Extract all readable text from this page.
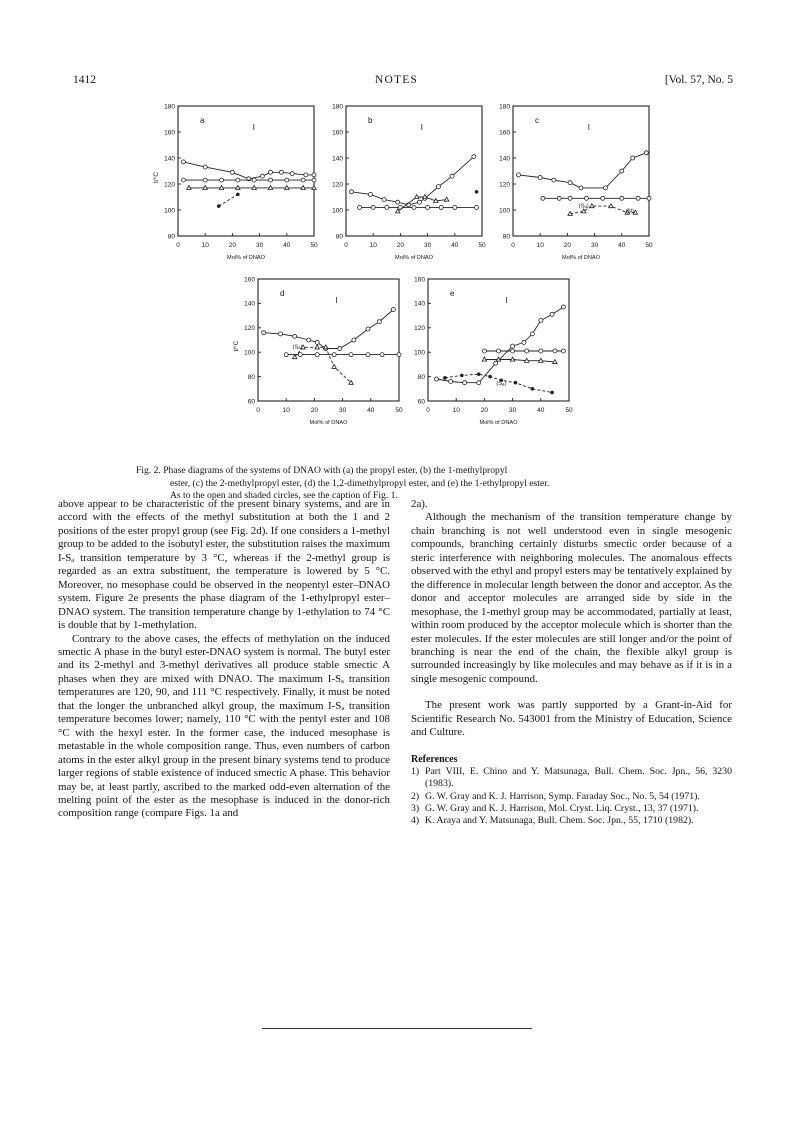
1412	NOTES	[Vol. 57, No. 5
0	10	20	30	40	50
80
100
120
140
160
180
Mol% of DNAO
t/°C
a
I
0	10	20	30	40	50
80
100
120
140
160
180
Mol% of DNAO
b
I
0	10	20	30	40	50
80
100
120
140
160
180
Mol% of DNAO
c
I
(Sₐ)
(N)
0	10	20	30	40	50
60
80
100
120
140
160
Mol% of DNAO
t/°C
d
I
(Sₐ)
0	10	20	30	40	50
60
80
100
120
140
160
Mol% of DNAO
e
I
(Sₐ)
Fig. 2. Phase diagrams of the systems of DNAO with (a) the propyl ester, (b) the 1-methylpropyl
ester, (c) the 2-methylpropyl ester, (d) the 1,2-dimethylpropyl ester, and (e) the 1-ethylpropyl ester.
As to the open and shaded circles, see the caption of Fig. 1.

above appear to be characteristic of the present binary systems, and are in accord with the effects of the methyl substitution at both the 1 and 2 positions of the ester propyl group (see Fig. 2d). If one considers a 1-methyl group to be added to the isobutyl ester, the substitution raises the maximum I-Sₐ transition temperature by 3 °C, whereas if the 2-methyl group is regarded as an extra substituent, the temperature is lowered by 5 °C. Moreover, no mesophase could be observed in the neopentyl ester–DNAO system. Figure 2e presents the phase diagram of the 1-ethylpropyl ester–DNAO system. The transition temperature change by 1-ethylation to 74 °C is double that by 1-methylation.

Contrary to the above cases, the effects of methylation on the induced smectic A phase in the butyl ester-DNAO system is normal. The butyl ester and its 2-methyl and 3-methyl derivatives all produce stable smectic A phases when they are mixed with DNAO. The maximum I-Sₐ transition temperatures are 120, 90, and 111 °C respectively. Finally, it must be noted that the longer the unbranched alkyl group, the maximum I-Sₐ transition temperature becomes lower; namely, 110 °C with the pentyl ester and 108 °C with the hexyl ester. In the former case, the induced mesophase is metastable in the whole composition range. Thus, even numbers of carbon atoms in the ester alkyl group in the present binary systems tend to produce larger regions of stable existence of induced smectic A phase. This behavior may be, at least partly, ascribed to the marked odd-even alternation of the melting point of the ester as the mesophase is induced in the donor-rich composition range (compare Figs. 1a and

2a).

Although the mechanism of the transition temperature change by chain branching is not well understood even in single mesogenic compounds, branching certainly disturbs smectic order because of a steric interference with neighboring molecules. The anomalous effects observed with the ethyl and propyl esters may be tentatively explained by the difference in molecular length between the donor and acceptor. As the donor and acceptor molecules are arranged side by side in the mesophase, the 1-methyl group may be accommodated, partially at least, within room produced by the acceptor molecule which is shorter than the ester molecules. If the ester molecules are still longer and/or the point of branching is near the end of the chain, the flexible alkyl group is surrounded increasingly by like molecules and may behave as if it is in a single mesogenic compound.

The present work was partly supported by a Grant-in-Aid for Scientific Research No. 543001 from the Ministry of Education, Science and Culture.

References

1) Part VIII, E. Chino and Y. Matsunaga, Bull. Chem. Soc. Jpn., 56, 3230 (1983).

2) G. W. Gray and K. J. Harrison, Symp. Faraday Soc., No. 5, 54 (1971).

3) G. W. Gray and K. J. Harrison, Mol. Cryst. Liq. Cryst., 13, 37 (1971).

4) K. Araya and Y. Matsunaga, Bull. Chem. Soc. Jpn., 55, 1710 (1982).
